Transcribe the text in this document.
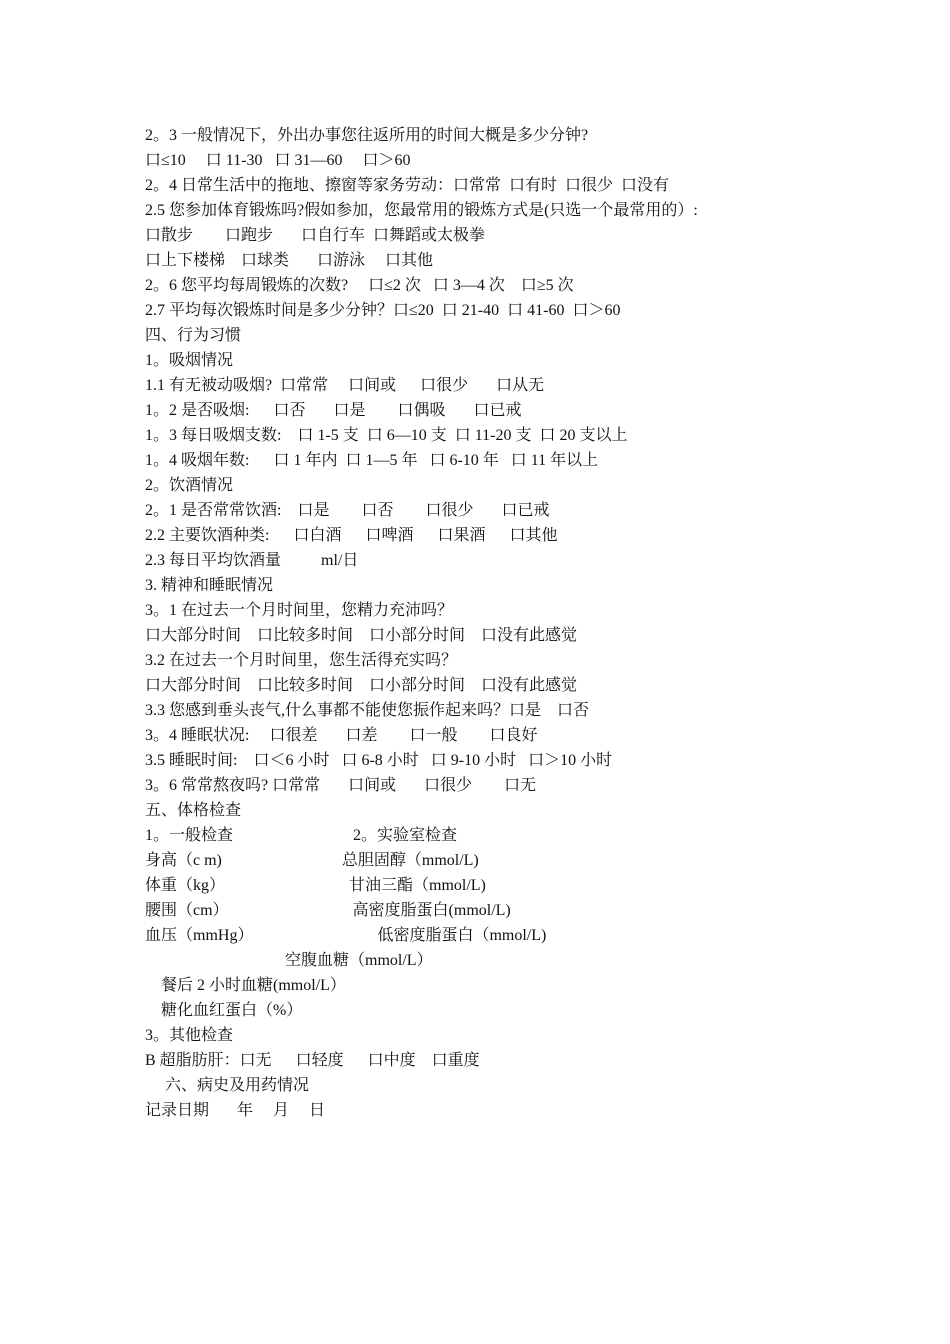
2。3 一般情况下，外出办事您往返所用的时间大概是多少分钟?
口≤10     口 11-30   口 31—60     口＞60
2。4 日常生活中的拖地、擦窗等家务劳动：口常常  口有时  口很少  口没有
2.5 您参加体育锻炼吗?假如参加，您最常用的锻炼方式是(只选一个最常用的）:
口散步        口跑步       口自行车  口舞蹈或太极拳
口上下楼梯    口球类       口游泳     口其他
2。6 您平均每周锻炼的次数?     口≤2 次   口 3—4 次    口≥5 次
2.7 平均每次锻炼时间是多少分钟？口≤20  口 21-40  口 41-60  口＞60
四、行为习惯
1。吸烟情况
1.1 有无被动吸烟?  口常常     口间或      口很少       口从无
1。2 是否吸烟:      口否       口是        口偶吸       口已戒
1。3 每日吸烟支数:    口 1-5 支  口 6—10 支  口 11-20 支  口 20 支以上
1。4 吸烟年数:      口 1 年内  口 1—5 年   口 6-10 年   口 11 年以上
2。饮酒情况
2。1 是否常常饮酒:    口是        口否        口很少       口已戒
2.2 主要饮酒种类:      口白酒      口啤酒      口果酒      口其他
2.3 每日平均饮酒量          ml/日
3. 精神和睡眠情况
3。1 在过去一个月时间里，您精力充沛吗？
口大部分时间    口比较多时间    口小部分时间    口没有此感觉
3.2 在过去一个月时间里，您生活得充实吗？
口大部分时间    口比较多时间    口小部分时间    口没有此感觉
3.3 您感到垂头丧气,什么事都不能使您振作起来吗？口是    口否
3。4 睡眠状况:     口很差       口差        口一般        口良好
3.5 睡眠时间:    口＜6 小时   口 6-8 小时   口 9-10 小时   口＞10 小时
3。6 常常熬夜吗? 口常常       口间或       口很少        口无
五、体格检查
1。一般检查                              2。实验室检查
身高（c m)                              总胆固醇（mmol/L)
体重（kg）                               甘油三酯（mmol/L)
腰围（cm）                               高密度脂蛋白(mmol/L)
血压（mmHg）                               低密度脂蛋白（mmol/L)
空腹血糖（mmol/L）
餐后 2 小时血糖(mmol/L）
糖化血红蛋白（%）
3。其他检查
B 超脂肪肝：口无      口轻度      口中度    口重度
六、病史及用药情况
记录日期       年     月     日
